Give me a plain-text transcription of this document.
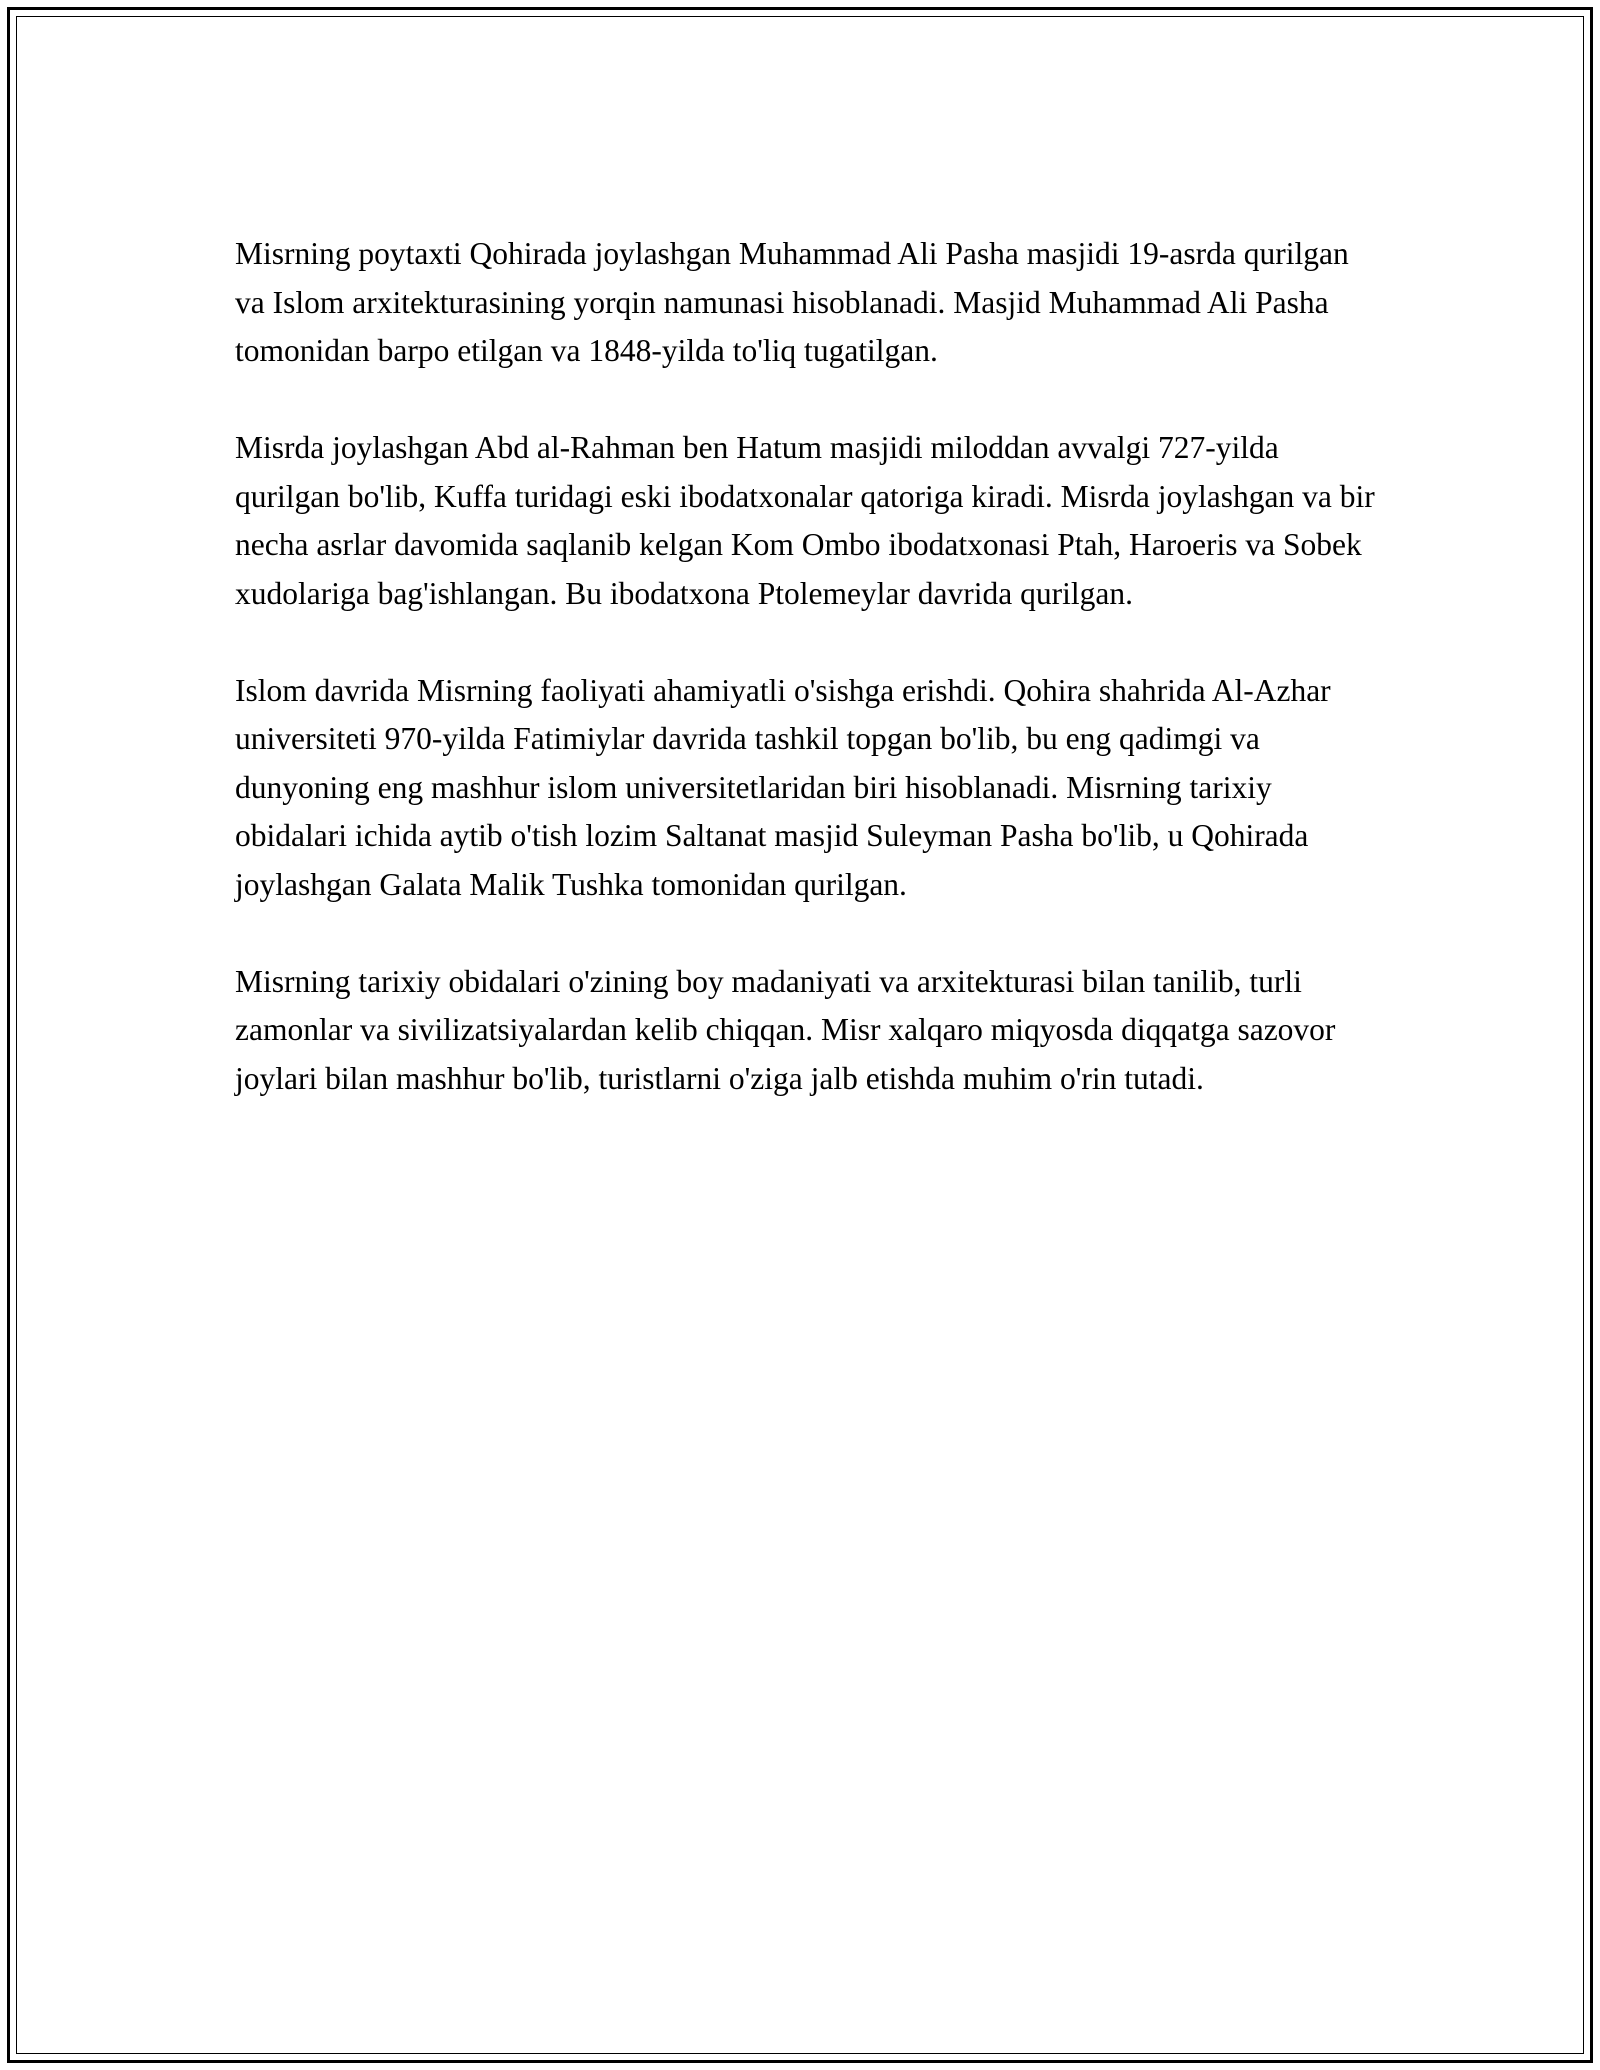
Misrning poytaxti Qohirada joylashgan Muhammad Ali Pasha masjidi 19-asrda qurilgan va Islom arxitekturasining yorqin namunasi hisoblanadi. Masjid Muhammad Ali Pasha tomonidan barpo etilgan va 1848-yilda to'liq tugatilgan.

Misrda joylashgan Abd al-Rahman ben Hatum masjidi miloddan avvalgi 727-yilda qurilgan bo'lib, Kuffa turidagi eski ibodatxonalar qatoriga kiradi. Misrda joylashgan va bir necha asrlar davomida saqlanib kelgan Kom Ombo ibodatxonasi Ptah, Haroeris va Sobek xudolariga bag'ishlangan. Bu ibodatxona Ptolemeylar davrida qurilgan.

Islom davrida Misrning faoliyati ahamiyatli o'sishga erishdi. Qohira shahrida Al-Azhar universiteti 970-yilda Fatimiylar davrida tashkil topgan bo'lib, bu eng qadimgi va dunyoning eng mashhur islom universitetlaridan biri hisoblanadi. Misrning tarixiy obidalari ichida aytib o'tish lozim Saltanat masjid Suleyman Pasha bo'lib, u Qohirada joylashgan Galata Malik Tushka tomonidan qurilgan.

Misrning tarixiy obidalari o'zining boy madaniyati va arxitekturasi bilan tanilib, turli zamonlar va sivilizatsiyalardan kelib chiqqan. Misr xalqaro miqyosda diqqatga sazovor joylari bilan mashhur bo'lib, turistlarni o'ziga jalb etishda muhim o'rin tutadi.
